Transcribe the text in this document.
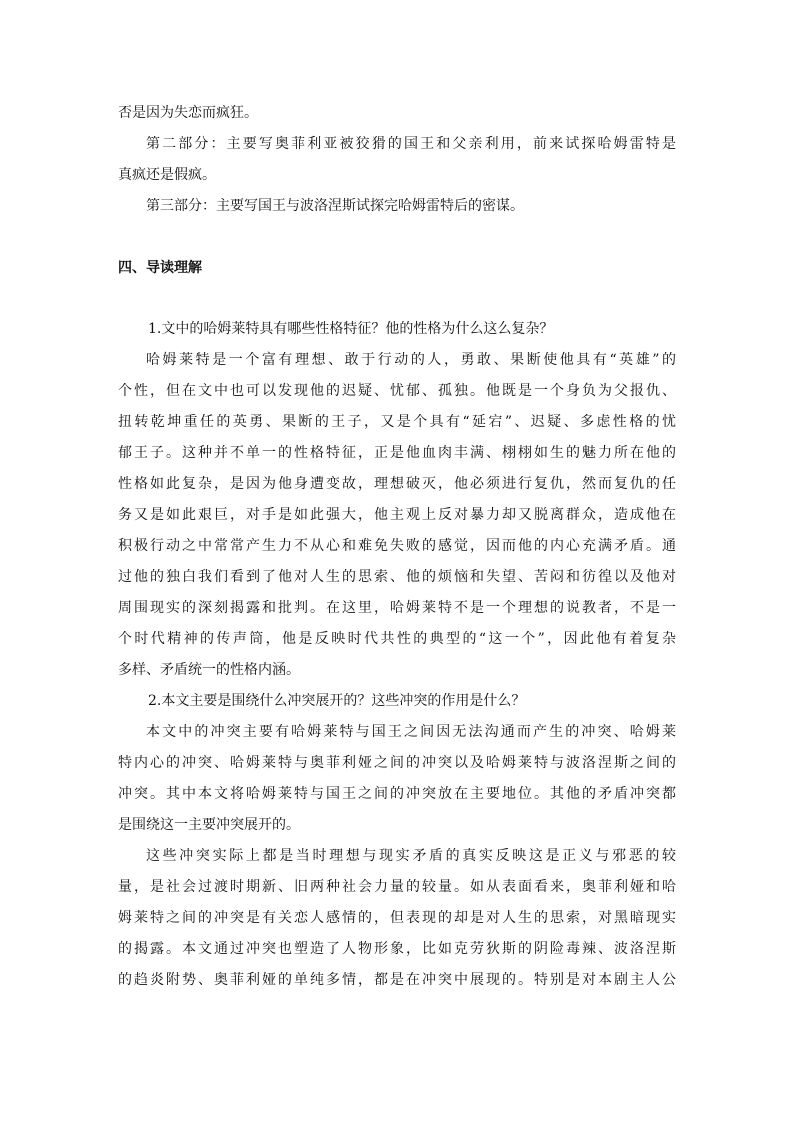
否是因为失恋而疯狂。
第二部分：主要写奥菲利亚被狡猾的国王和父亲利用，前来试探哈姆雷特是
真疯还是假疯。
第三部分：主要写国王与波洛涅斯试探完哈姆雷特后的密谋。
四、导读理解
1.文中的哈姆莱特具有哪些性格特征？他的性格为什么这么复杂？
哈姆莱特是一个富有理想、敢于行动的人，勇敢、果断使他具有“英雄”的
个性，但在文中也可以发现他的迟疑、忧郁、孤独。他既是一个身负为父报仇、
扭转乾坤重任的英勇、果断的王子，又是个具有“延宕”、迟疑、多虑性格的忧
郁王子。这种并不单一的性格特征，正是他血肉丰满、栩栩如生的魅力所在他的
性格如此复杂，是因为他身遭变故，理想破灭，他必须进行复仇，然而复仇的任
务又是如此艰巨，对手是如此强大，他主观上反对暴力却又脱离群众，造成他在
积极行动之中常常产生力不从心和难免失败的感觉，因而他的内心充满矛盾。通
过他的独白我们看到了他对人生的思索、他的烦恼和失望、苦闷和彷徨以及他对
周围现实的深刻揭露和批判。在这里，哈姆莱特不是一个理想的说教者，不是一
个时代精神的传声筒，他是反映时代共性的典型的“这一个”，因此他有着复杂
多样、矛盾统一的性格内涵。
2.本文主要是围绕什么冲突展开的？这些冲突的作用是什么？
本文中的冲突主要有哈姆莱特与国王之间因无法沟通而产生的冲突、哈姆莱
特内心的冲突、哈姆莱特与奥菲利娅之间的冲突以及哈姆莱特与波洛涅斯之间的
冲突。其中本文将哈姆莱特与国王之间的冲突放在主要地位。其他的矛盾冲突都
是围绕这一主要冲突展开的。
这些冲突实际上都是当时理想与现实矛盾的真实反映这是正义与邪恶的较
量，是社会过渡时期新、旧两种社会力量的较量。如从表面看来，奥菲利娅和哈
姆莱特之间的冲突是有关恋人感情的，但表现的却是对人生的思索，对黑暗现实
的揭露。本文通过冲突也塑造了人物形象，比如克劳狄斯的阴险毒辣、波洛涅斯
的趋炎附势、奥菲利娅的单纯多情，都是在冲突中展现的。特别是对本剧主人公
